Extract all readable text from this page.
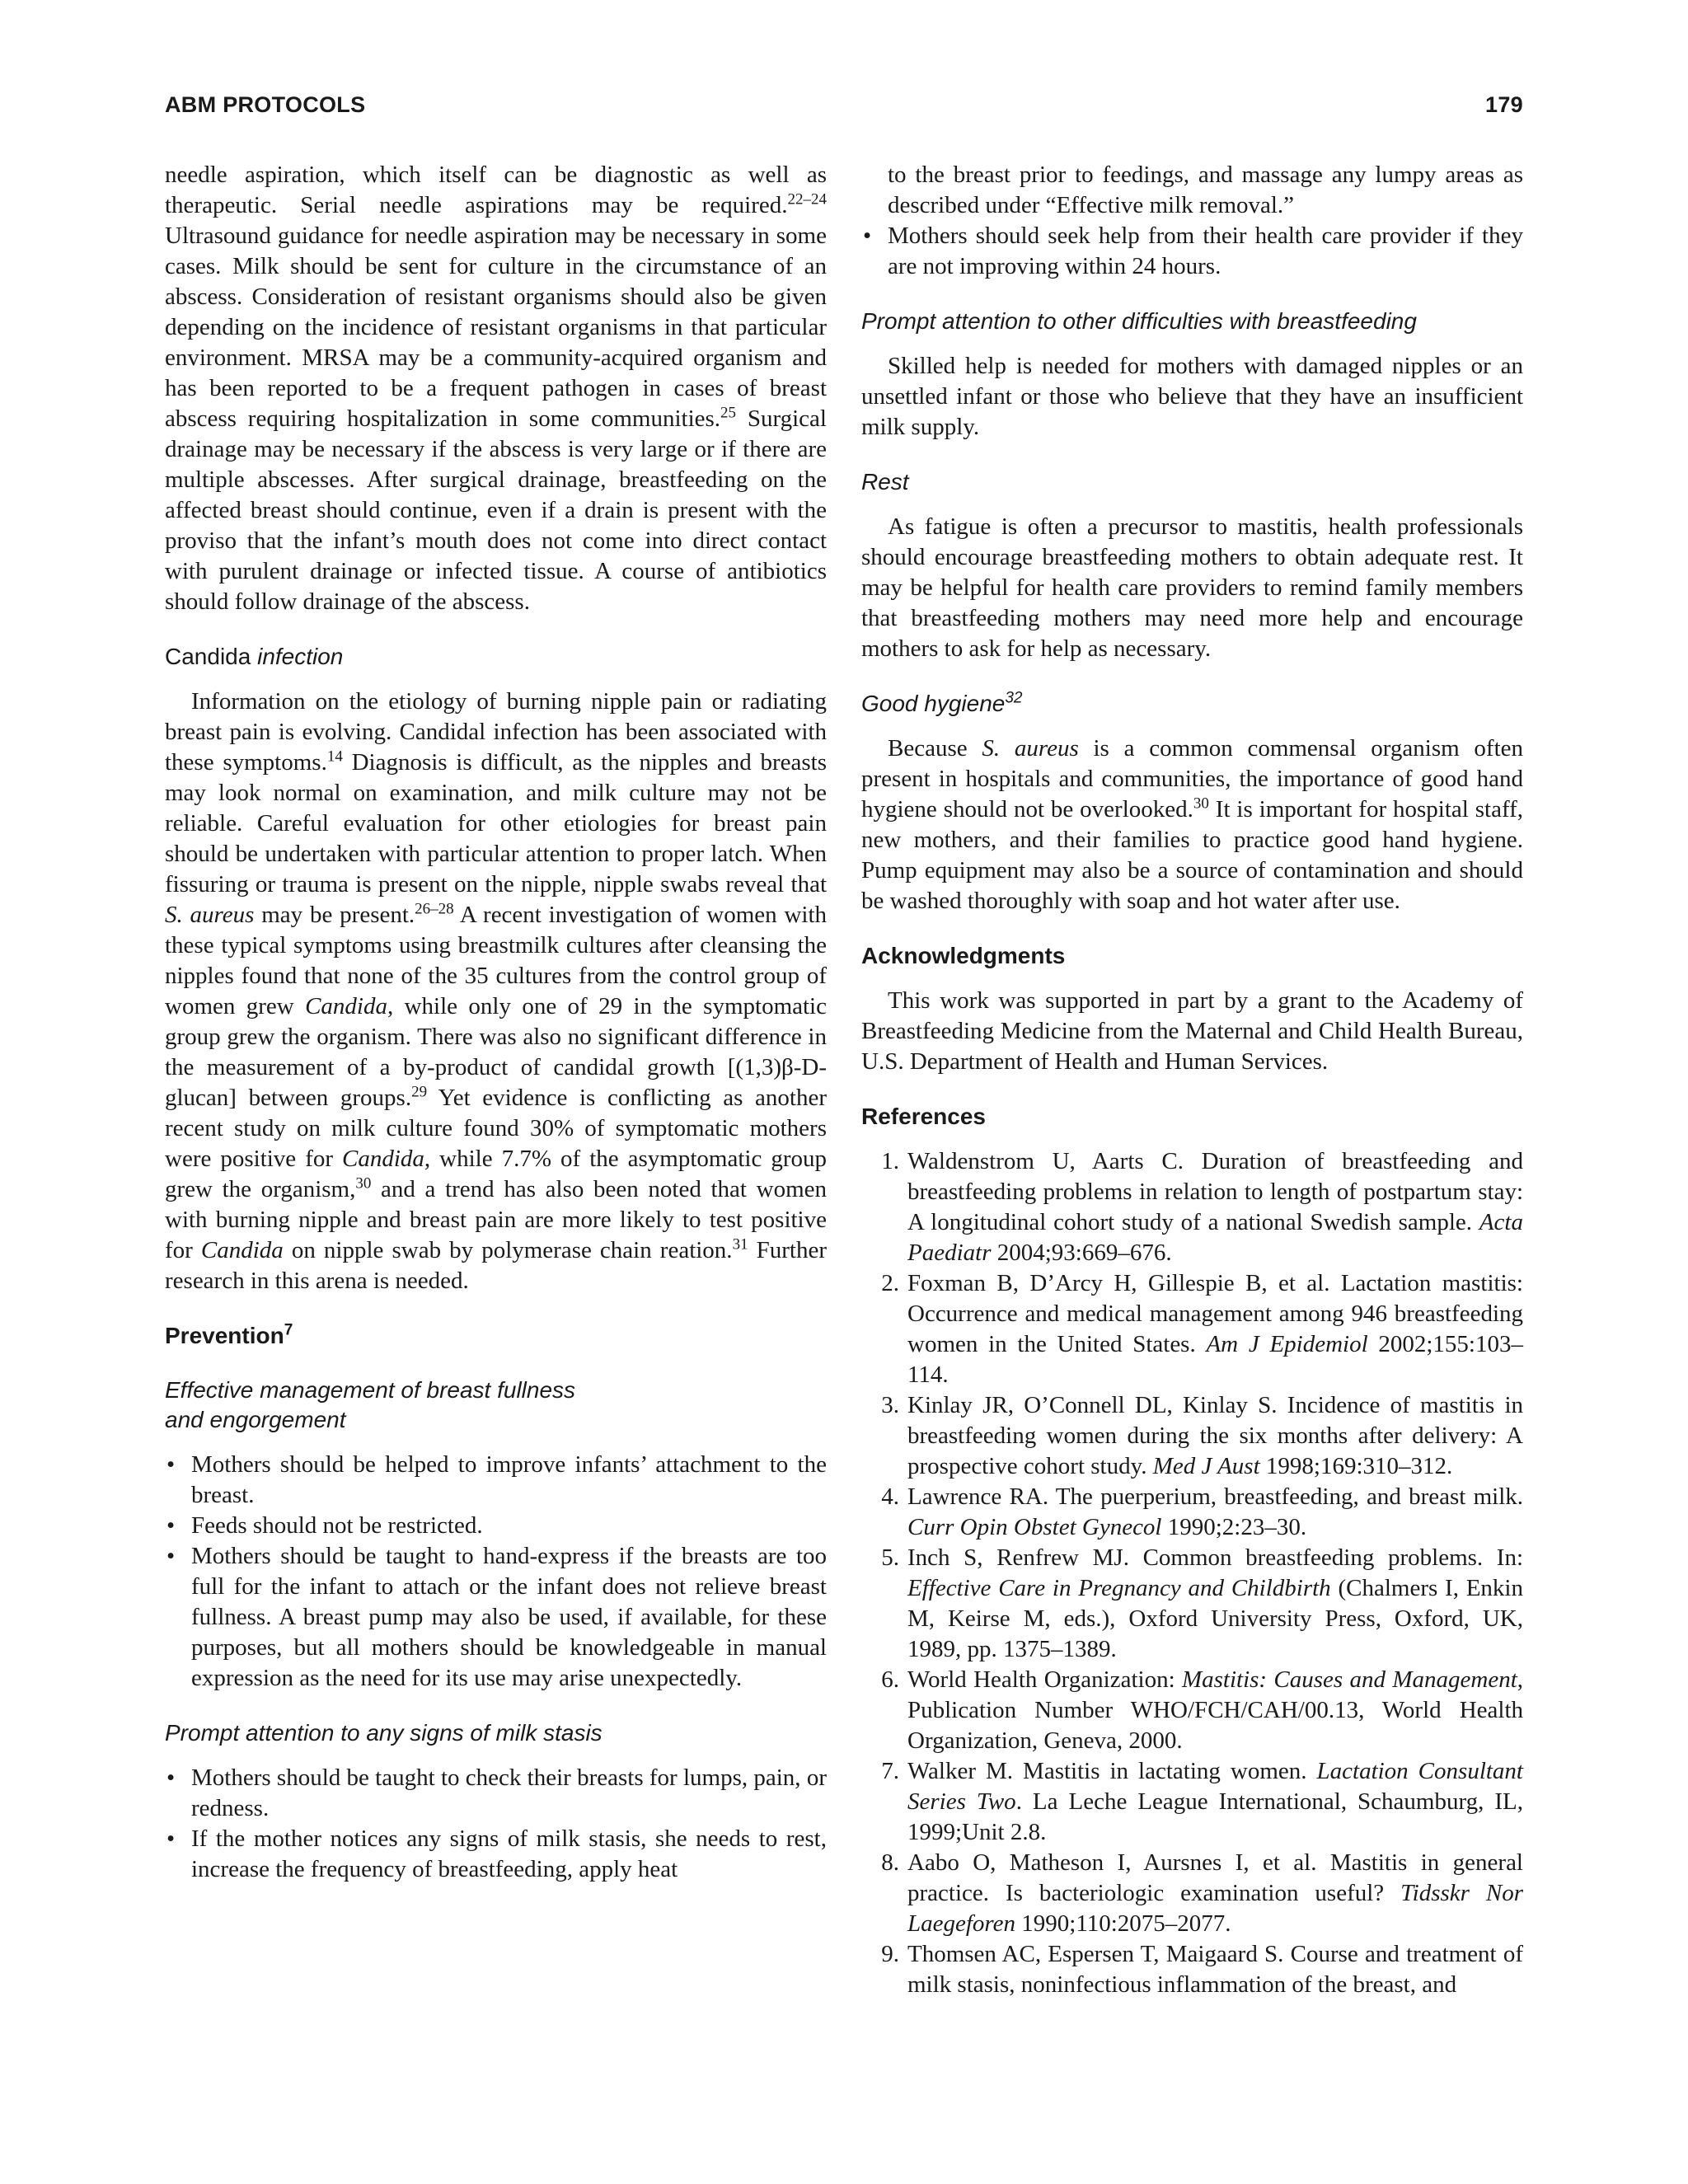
ABM PROTOCOLS	179

needle aspiration, which itself can be diagnostic as well as therapeutic. Serial needle aspirations may be required.$^{22-24}$ Ultrasound guidance for needle aspiration may be necessary in some cases. Milk should be sent for culture in the circumstance of an abscess. Consideration of resistant organisms should also be given depending on the incidence of resistant organisms in that particular environment. MRSA may be a community-acquired organism and has been reported to be a frequent pathogen in cases of breast abscess requiring hospitalization in some communities.$^{25}$ Surgical drainage may be necessary if the abscess is very large or if there are multiple abscesses. After surgical drainage, breastfeeding on the affected breast should continue, even if a drain is present with the proviso that the infant’s mouth does not come into direct contact with purulent drainage or infected tissue. A course of antibiotics should follow drainage of the abscess.

Candida infection

Information on the etiology of burning nipple pain or radiating breast pain is evolving. Candidal infection has been associated with these symptoms.$^{14}$ Diagnosis is difficult, as the nipples and breasts may look normal on examination, and milk culture may not be reliable. Careful evaluation for other etiologies for breast pain should be undertaken with particular attention to proper latch. When fissuring or trauma is present on the nipple, nipple swabs reveal that S. aureus may be present.$^{26-28}$ A recent investigation of women with these typical symptoms using breastmilk cultures after cleansing the nipples found that none of the 35 cultures from the control group of women grew Candida, while only one of 29 in the symptomatic group grew the organism. There was also no significant difference in the measurement of a by-product of candidal growth [(1,3)β-D-glucan] between groups.$^{29}$ Yet evidence is conflicting as another recent study on milk culture found 30% of symptomatic mothers were positive for Candida, while 7.7% of the asymptomatic group grew the organism,$^{30}$ and a trend has also been noted that women with burning nipple and breast pain are more likely to test positive for Candida on nipple swab by polymerase chain reation.$^{31}$ Further research in this arena is needed.

Prevention$^7$
Effective management of breast fullness
and engorgement
• Mothers should be helped to improve infants’ attachment to the breast.
• Feeds should not be restricted.
• Mothers should be taught to hand-express if the breasts are too full for the infant to attach or the infant does not relieve breast fullness. A breast pump may also be used, if available, for these purposes, but all mothers should be knowledgeable in manual expression as the need for its use may arise unexpectedly.
Prompt attention to any signs of milk stasis
• Mothers should be taught to check their breasts for lumps, pain, or redness.
• If the mother notices any signs of milk stasis, she needs to rest, increase the frequency of breastfeeding, apply heat

to the breast prior to feedings, and massage any lumpy areas as described under “Effective milk removal.”

• Mothers should seek help from their health care provider if they are not improving within 24 hours.
Prompt attention to other difficulties with breastfeeding

Skilled help is needed for mothers with damaged nipples or an unsettled infant or those who believe that they have an insufficient milk supply.

Rest

As fatigue is often a precursor to mastitis, health professionals should encourage breastfeeding mothers to obtain adequate rest. It may be helpful for health care providers to remind family members that breastfeeding mothers may need more help and encourage mothers to ask for help as necessary.

Good hygiene$^{32}$

Because S. aureus is a common commensal organism often present in hospitals and communities, the importance of good hand hygiene should not be overlooked.$^{30}$ It is important for hospital staff, new mothers, and their families to practice good hand hygiene. Pump equipment may also be a source of contamination and should be washed thoroughly with soap and hot water after use.

Acknowledgments

This work was supported in part by a grant to the Academy of Breastfeeding Medicine from the Maternal and Child Health Bureau, U.S. Department of Health and Human Services.

References
1. Waldenstrom U, Aarts C. Duration of breastfeeding and breastfeeding problems in relation to length of postpartum stay: A longitudinal cohort study of a national Swedish sample. Acta Paediatr 2004;93:669–676.
2. Foxman B, D’Arcy H, Gillespie B, et al. Lactation mastitis: Occurrence and medical management among 946 breastfeeding women in the United States. Am J Epidemiol 2002;155:103–114.
3. Kinlay JR, O’Connell DL, Kinlay S. Incidence of mastitis in breastfeeding women during the six months after delivery: A prospective cohort study. Med J Aust 1998;169:310–312.
4. Lawrence RA. The puerperium, breastfeeding, and breast milk. Curr Opin Obstet Gynecol 1990;2:23–30.
5. Inch S, Renfrew MJ. Common breastfeeding problems. In: Effective Care in Pregnancy and Childbirth (Chalmers I, Enkin M, Keirse M, eds.), Oxford University Press, Oxford, UK, 1989, pp. 1375–1389.
6. World Health Organization: Mastitis: Causes and Management, Publication Number WHO/FCH/CAH/00.13, World Health Organization, Geneva, 2000.
7. Walker M. Mastitis in lactating women. Lactation Consultant Series Two. La Leche League International, Schaumburg, IL, 1999;Unit 2.8.
8. Aabo O, Matheson I, Aursnes I, et al. Mastitis in general practice. Is bacteriologic examination useful? Tidsskr Nor Laegeforen 1990;110:2075–2077.
9. Thomsen AC, Espersen T, Maigaard S. Course and treatment of milk stasis, noninfectious inflammation of the breast, and
